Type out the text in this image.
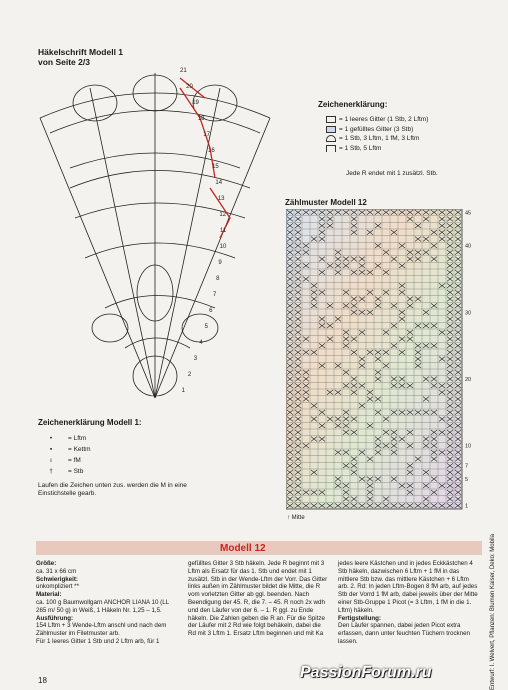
Häkelschrift Modell 1
von Seite 2/3
21
20
19
18
17
16
15
14
13
12
11
10
9
8
7
6
5
4
3
2
1
Zeichenerklärung:
= 1 leeres Gitter (1 Stb, 2 Lftm)
= 1 gefülltes Gitter (3 Stb)
= 1 Stb, 3 Lftm, 1 fM, 3 Lftm
= 1 Stb, 5 Lftm
Jede R endet mit 1 zusätzl. Stb.
Zählmuster Modell 12
45
40
30
20
10
7
5
1
↑ Mitte
Zeichenerklärung Modell 1:
•	= Lftm
▪	= Kettm
ι	= fM
†	= Stb
Laufen die Zeichen unten zus. werden die M in eine Einstichstelle gearb.
Modell 12
Größe:
ca. 31 x 66 cm
Schwierigkeit:
unkompliziert **
Material:
ca. 100 g Baumwollgarn ANCHOR LIANA 10 (LL 265 m/ 50 g) in Weiß, 1 Häkeln Nr. 1,25 – 1,5.
Ausführung:
154 Lftm + 3 Wende-Lftm anschl und nach dem Zählmuster im Filetmuster arb.
Für 1 leeres Gitter 1 Stb und 2 Lftm arb, für 1
gefülltes Gitter 3 Stb häkeln. Jede R beginnt mit 3 Lftm als Ersatz für das 1. Stb und endet mit 1 zusätzl. Stb in der Wende-Lftm der Vorr. Das Gitter links außen im Zählmuster bildet die Mitte, die R vom vorletzten Gitter ab ggl. beenden. Nach Beendigung der 45. R, die 7. – 45. R noch 2x wdh und den Läufer von der 6. – 1. R ggl. zu Ende häkeln. Die Zahlen geben die R an. Für die Spitze der Läufer mit 2 Rd wie folgt behäkeln, dabei die Rd mit 3 Lftm 1. Ersatz Lftm beginnen und mit Ka
jedes leere Kästchen und in jedes Eckkästchen 4 Stb häkeln, dazwischen 6 Lftm + 1 fM in das mittlere Stb bzw. das mittlere Kästchen + 6 Lftm arb. 2. Rd: In jeden Lftm-Bogen 8 fM arb, auf jedes Stb der Vorrd 1 fM arb, dabei jeweils über der Mitte einer Stb-Gruppe 1 Picot (= 3 Lftm, 1 fM in die 1. Lftm) häkeln.
Fertigstellung:
Den Läufer spannen, dabei jeden Picot extra erfassen, dann unter feuchten Tüchern trocknen lassen.
18	Entwurf: I. Welvert, Pflanzen: Blumen Kaiser, Deko: Mobila
PassionForum.ru
